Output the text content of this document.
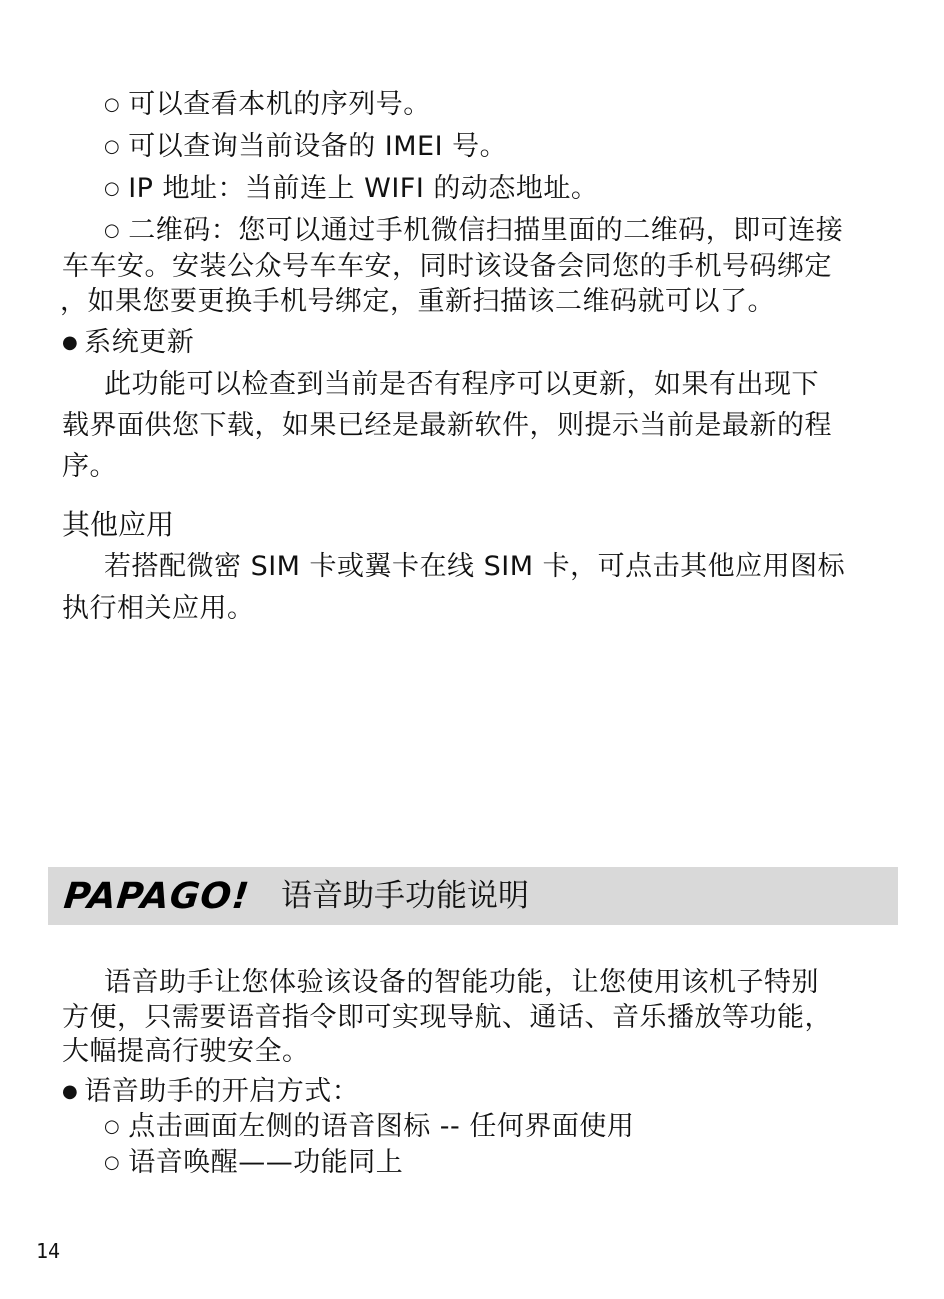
○ 可以查看本机的序列号。
○ 可以查询当前设备的 IMEI 号。
○ IP 地址：当前连上 WIFI 的动态地址。
○ 二维码：您可以通过手机微信扫描里面的二维码，即可连接
车车安。安装公众号车车安，同时该设备会同您的手机号码绑定
，如果您要更换手机号绑定，重新扫描该二维码就可以了。
● 系统更新
此功能可以检查到当前是否有程序可以更新，如果有出现下
载界面供您下载，如果已经是最新软件，则提示当前是最新的程
序。
其他应用
若搭配微密 SIM 卡或翼卡在线 SIM 卡，可点击其他应用图标
执行相关应用。
PAPAGO! 语音助手功能说明
语音助手让您体验该设备的智能功能，让您使用该机子特别
方便，只需要语音指令即可实现导航、通话、音乐播放等功能，
大幅提高行驶安全。
● 语音助手的开启方式：
○ 点击画面左侧的语音图标 -- 任何界面使用
○ 语音唤醒——功能同上
14
